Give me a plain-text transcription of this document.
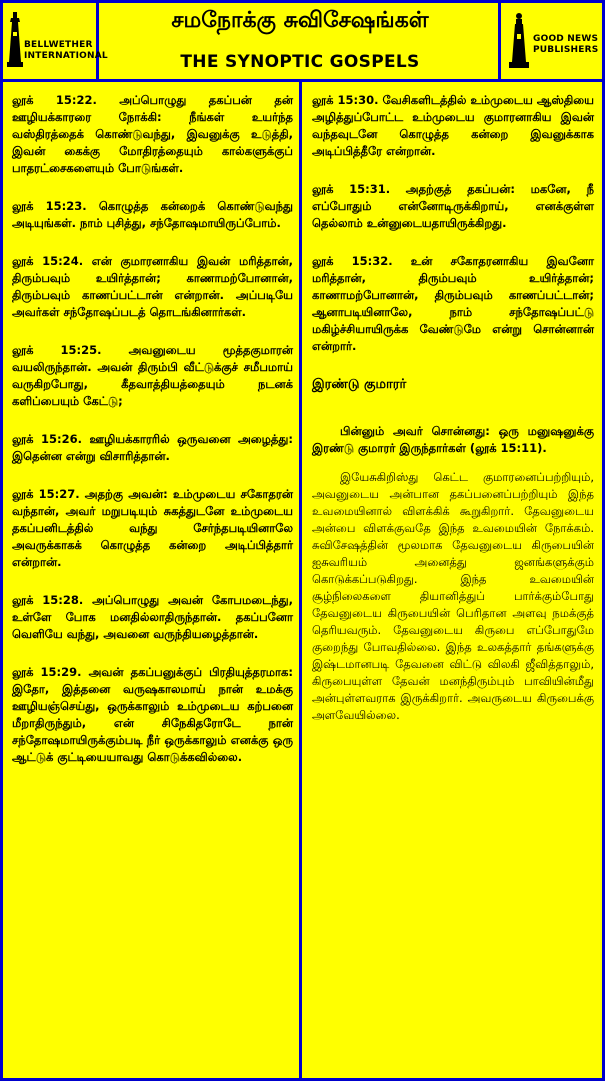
BELLWETHER
INTERNATIONAL
GOOD NEWS
PUBLISHERS
சமநோக்கு சுவிசேஷங்கள்
THE SYNOPTIC GOSPELS

லூக் 15:22. அப்பொழுது தகப்பன் தன் ஊழியக்காரரை நோக்கி: நீங்கள் உயர்ந்த வஸ்திரத்தைக் கொண்டுவந்து, இவனுக்கு உடுத்தி, இவன் கைக்கு மோதிரத்தையும் கால்களுக்குப் பாதரட்சைகளையும் போடுங்கள்.

லூக் 15:23. கொழுத்த கன்றைக் கொண்டுவந்து அடியுங்கள். நாம் புசித்து, சந்தோஷமாயிருப்போம்.

லூக் 15:24. என் குமாரனாகிய இவன் மரித்தான், திரும்பவும் உயிர்த்தான்; காணாமற்போனான், திரும்பவும் காணப்பட்டான் என்றான். அப்படியே அவர்கள் சந்தோஷப்படத் தொடங்கினார்கள்.

லூக் 15:25. அவனுடைய மூத்தகுமாரன் வயலிருந்தான். அவன் திரும்பி வீட்டுக்குச் சமீபமாய் வருகிறபோது, கீதவாத்தியத்தையும் நடனக் களிப்பையும் கேட்டு;

லூக் 15:26. ஊழியக்காரரில் ஒருவனை அழைத்து: இதென்ன என்று விசாரித்தான்.

லூக் 15:27. அதற்கு அவன்: உம்முடைய சகோதரன் வந்தான், அவர் மறுபடியும் சுகத்துடனே உம்முடைய தகப்பனிடத்தில் வந்து சேர்ந்தபடியினாலே அவருக்காகக் கொழுத்த கன்றை அடிப்பித்தார் என்றான்.

லூக் 15:28. அப்பொழுது அவன் கோபமடைந்து, உள்ளே போக மனதில்லாதிருந்தான். தகப்பனோ வெளியே வந்து, அவனை வருந்தியழைத்தான்.

லூக் 15:29. அவன் தகப்பனுக்குப் பிரதியுத்தரமாக: இதோ, இத்தனை வருஷகாலமாய் நான் உமக்கு ஊழியஞ்செய்து, ஒருக்காலும் உம்முடைய கற்பனை மீறாதிருந்தும், என் சிநேகிதரோடே நான் சந்தோஷமாயிருக்கும்படி நீர் ஒருக்காலும் எனக்கு ஒரு ஆட்டுக் குட்டியையாவது கொடுக்கவில்லை.

லூக் 15:30. வேசிகளிடத்தில் உம்முடைய ஆஸ்தியை அழித்துப்போட்ட உம்முடைய குமாரனாகிய இவன் வந்தவுடனே கொழுத்த கன்றை இவனுக்காக அடிப்பித்தீரே என்றான்.

லூக் 15:31. அதற்குத் தகப்பன்: மகனே, நீ எப்போதும் என்னோடிருக்கிறாய், எனக்குள்ள தெல்லாம் உன்னுடையதாயிருக்கிறது.

லூக் 15:32. உன் சகோதரனாகிய இவனோ மரித்தான், திரும்பவும் உயிர்த்தான்; காணாமற்போனான், திரும்பவும் காணப்பட்டான்; ஆனாபடியினாலே, நாம் சந்தோஷப்பட்டு மகிழ்ச்சியாயிருக்க வேண்டுமே என்று சொன்னான் என்றார்.

இரண்டு குமாரர்

பின்னும் அவர் சொன்னது: ஒரு மனுஷனுக்கு இரண்டு குமாரர் இருந்தார்கள் (லூக் 15:11).

இயேசுகிறிஸ்து கெட்ட குமாரனைப்பற்றியும், அவனுடைய அன்பான தகப்பனைப்பற்றியும் இந்த உவமையினால் விளக்கிக் கூறுகிறார். தேவனுடைய அன்பை விளக்குவதே இந்த உவமையின் நோக்கம். சுவிசேஷத்தின் மூலமாக தேவனுடைய கிருபையின் ஐசுவரியம் அனைத்து ஜனங்களுக்கும் கொடுக்கப்படுகிறது. இந்த உவமையின் சூழ்நிலைகளை தியானித்துப் பார்க்கும்போது தேவனுடைய கிருபையின் பெரிதான அளவு நமக்குத் தெரியவரும். தேவனுடைய கிருபை எப்போதுமே குறைந்து போவதில்லை. இந்த உலகத்தார் தங்களுக்கு இஷ்டமானபடி தேவனை விட்டு விலகி ஜீவித்தாலும், கிருபையுள்ள தேவன் மனந்திரும்பும் பாவியின்மீது அன்புள்ளவராக இருக்கிறார். அவருடைய கிருபைக்கு அளவேயில்லை.
